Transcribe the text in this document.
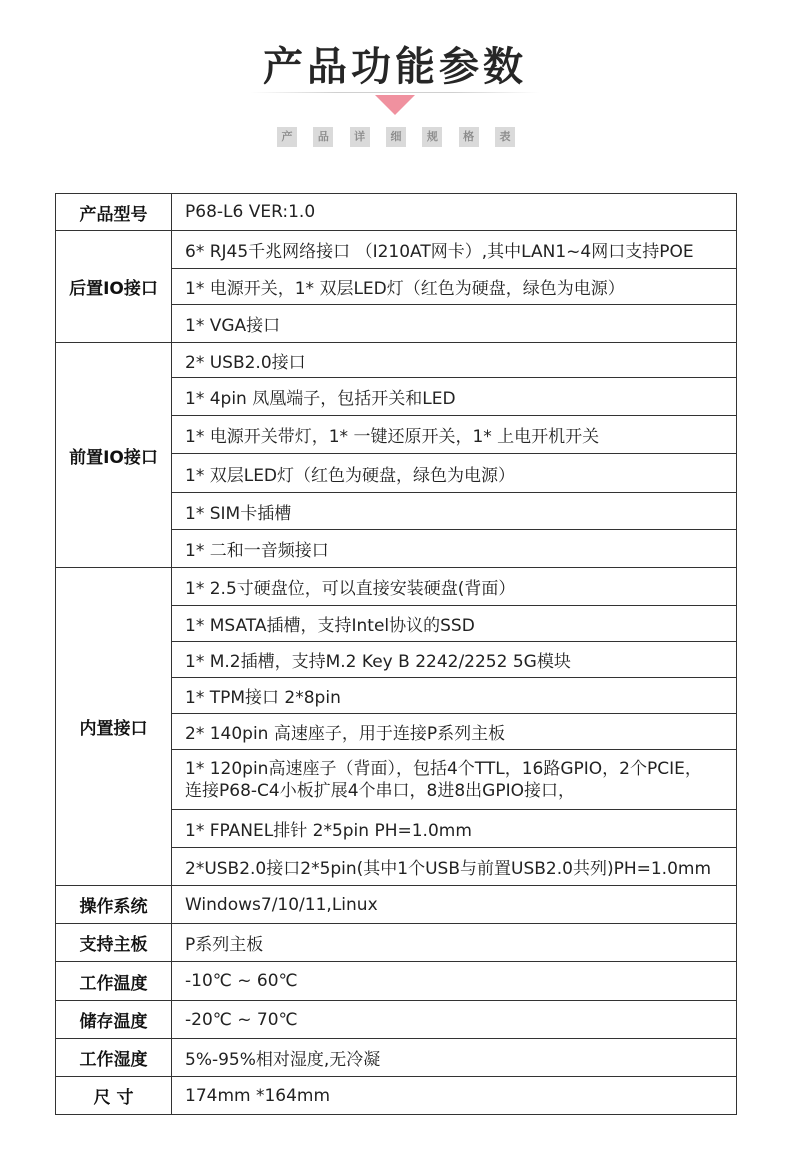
产品功能参数
产	品	详	细	规	格	表
产品型号	P68-L6 VER:1.0
后置IO接口	6* RJ45千兆网络接口 （I210AT网卡）,其中LAN1~4网口支持POE
	1* 电源开关，1* 双层LED灯（红色为硬盘，绿色为电源）
	1* VGA接口
前置IO接口	2* USB2.0接口
	1* 4pin 凤凰端子，包括开关和LED
	1* 电源开关带灯，1* 一键还原开关，1* 上电开机开关
	1* 双层LED灯（红色为硬盘，绿色为电源）
	1* SIM卡插槽
	1* 二和一音频接口
内置接口	1* 2.5寸硬盘位，可以直接安装硬盘(背面）
	1* MSATA插槽，支持Intel协议的SSD
	1* M.2插槽，支持M.2 Key B 2242/2252 5G模块
	1* TPM接口 2*8pin
	2* 140pin 高速座子，用于连接P系列主板

	1* 120pin高速座子（背面），包括4个TTL，16路GPIO，2个PCIE，
连接P68-C4小板扩展4个串口，8进8出GPIO接口，

	1* FPANEL排针 2*5pin PH=1.0mm
	2*USB2.0接口2*5pin(其中1个USB与前置USB2.0共列)PH=1.0mm
操作系统	Windows7/10/11,Linux
支持主板	P系列主板
工作温度	-10℃ ~ 60℃
储存温度	-20℃ ~ 70℃
工作湿度	5%-95%相对湿度,无冷凝
尺 寸	174mm *164mm
